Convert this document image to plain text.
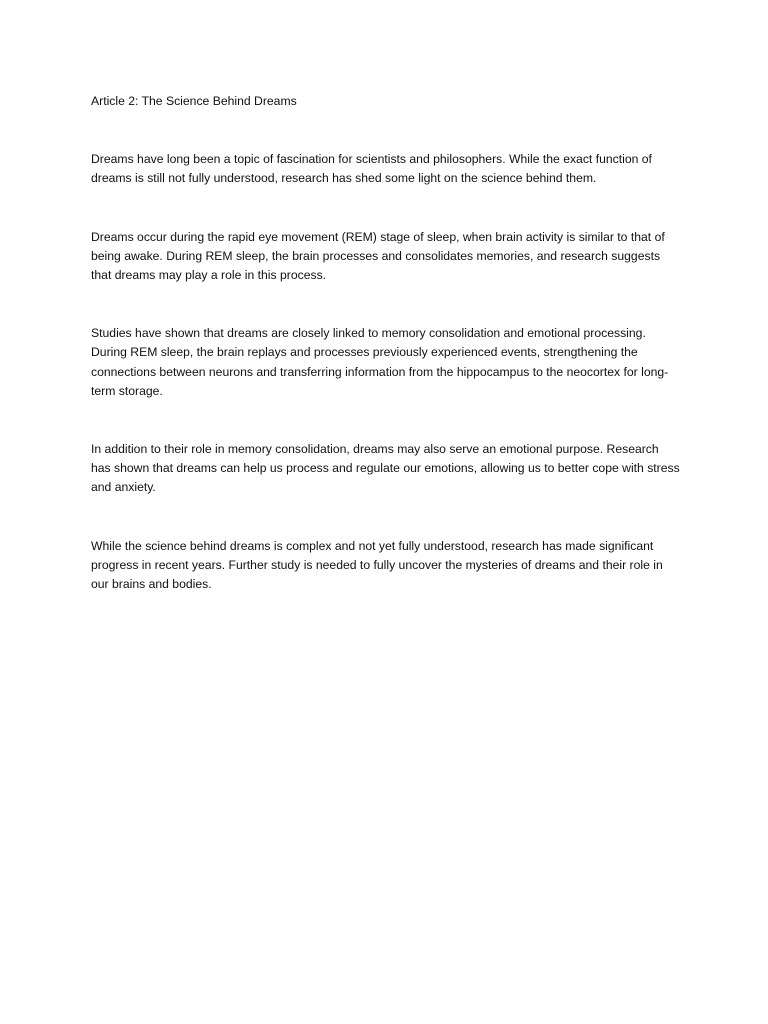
Article 2: The Science Behind Dreams

Dreams have long been a topic of fascination for scientists and philosophers. While the exact function of dreams is still not fully understood, research has shed some light on the science behind them.

Dreams occur during the rapid eye movement (REM) stage of sleep, when brain activity is similar to that of being awake. During REM sleep, the brain processes and consolidates memories, and research suggests that dreams may play a role in this process.

Studies have shown that dreams are closely linked to memory consolidation and emotional processing. During REM sleep, the brain replays and processes previously experienced events, strengthening the connections between neurons and transferring information from the hippocampus to the neocortex for long-term storage.

In addition to their role in memory consolidation, dreams may also serve an emotional purpose. Research has shown that dreams can help us process and regulate our emotions, allowing us to better cope with stress and anxiety.

While the science behind dreams is complex and not yet fully understood, research has made significant progress in recent years. Further study is needed to fully uncover the mysteries of dreams and their role in our brains and bodies.
